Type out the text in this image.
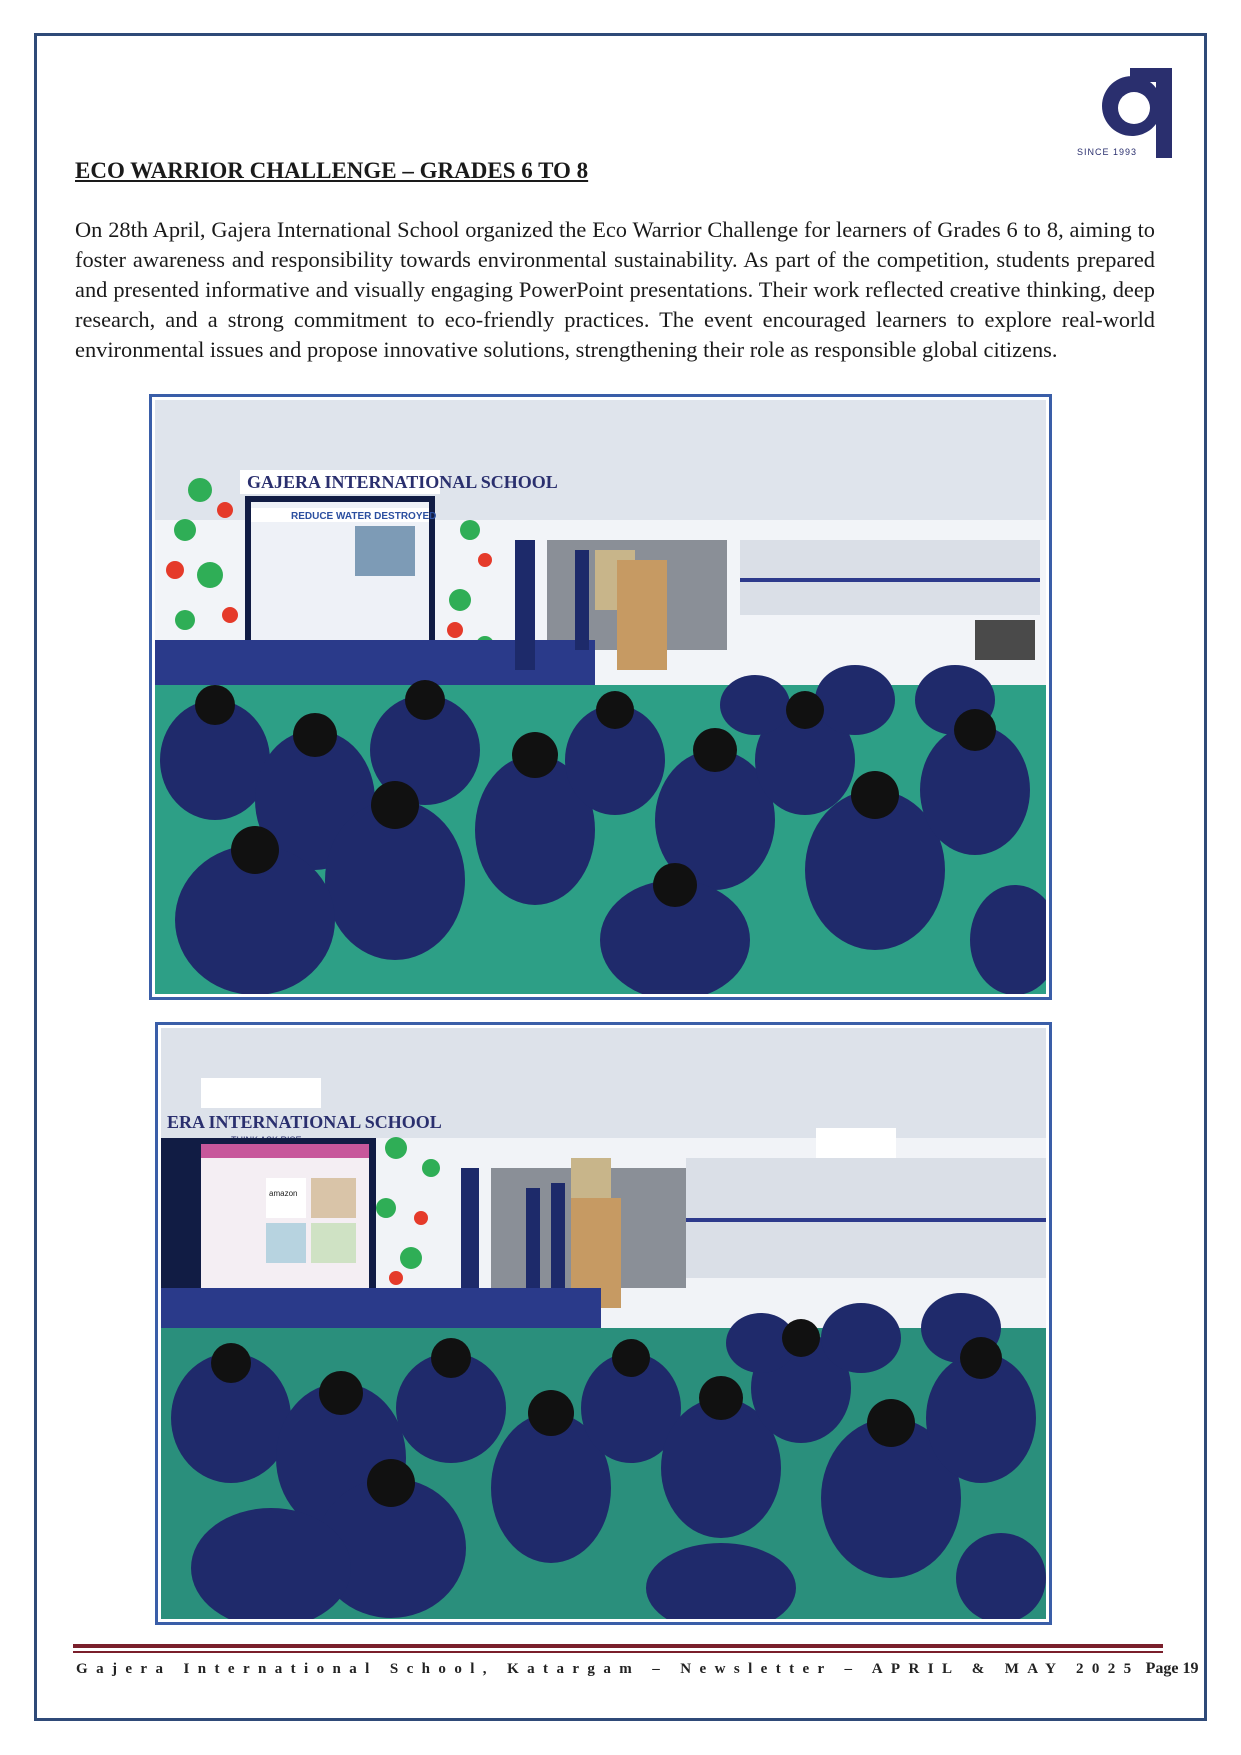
SINCE 1993
ECO WARRIOR CHALLENGE – GRADES 6 TO 8

On 28th April, Gajera International School organized the Eco Warrior Challenge for learners of Grades 6 to 8, aiming to foster awareness and responsibility towards environmental sustainability. As part of the competition, students prepared and presented informative and visually engaging PowerPoint presentations. Their work reflected creative thinking, deep research, and a strong commitment to eco-friendly practices. The event encouraged learners to explore real-world environmental issues and propose innovative solutions, strengthening their role as responsible global citizens.

GAJERA INTERNATIONAL SCHOOL
REDUCE WATER DESTROYED
ERA INTERNATIONAL SCHOOL
amazon
Gajera International School, Katargam – Newsletter – APRIL & MAY 2025 Page 19
